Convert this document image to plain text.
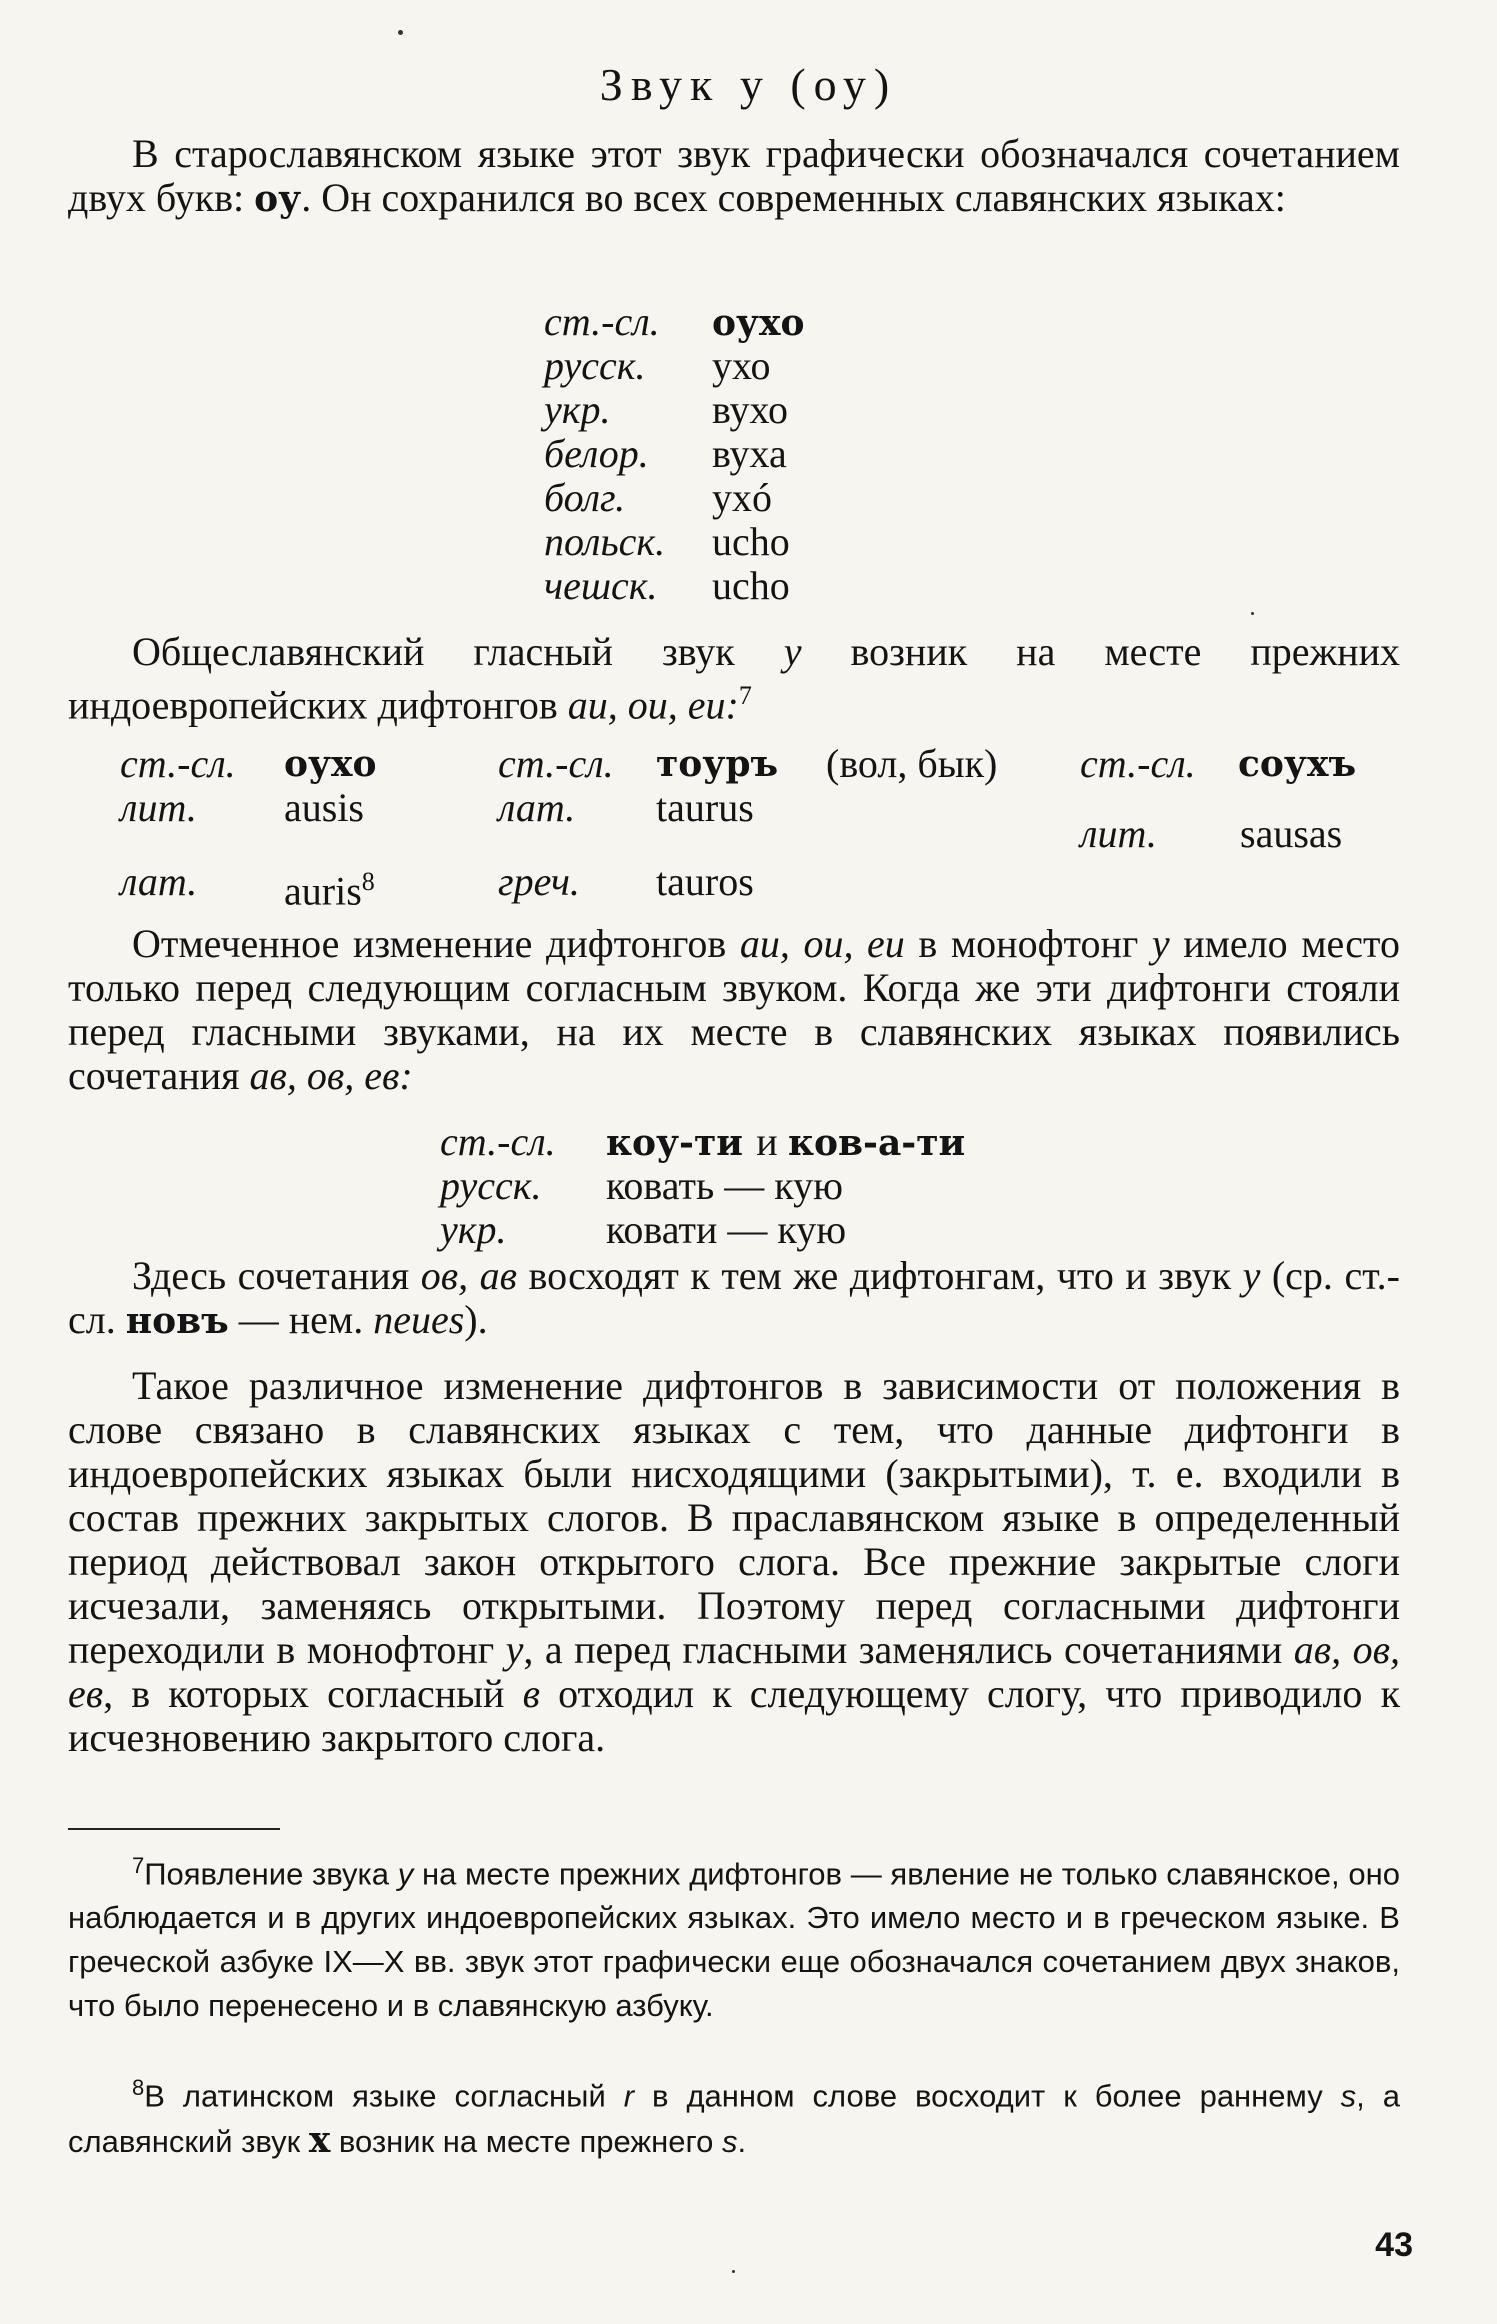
Звук у (оу)
В старославянском языке этот звук графически обозначался сочетанием двух букв: оу. Он сохранился во всех современных славянских языках:
ст.-сл. оухо
русск. ухо
укр.	вухо
белор. вуха
болг. ухó
польск. ucho
чешск. ucho
Общеславянский гласный звук у возник на месте прежних индоевропейских дифтонгов au, ou, eu:$^7$
ст.-сл. оухо
лит. ausis
лат. auris$^8$
ст.-сл. тоуръ (вол, бык)
лат. taurus
греч. tauros
ст.-сл. соухъ
лит. sausas
Отмеченное изменение дифтонгов au, ou, eu в монофтонг у имело место только перед следующим согласным звуком. Когда же эти дифтонги стояли перед гласными звуками, на их месте в славянских языках появились сочетания ав, ов, ев:
ст.-сл. коу-ти и ков-а-ти
русск. ковать — кую
укр. ковати — кую
Здесь сочетания ов, ав восходят к тем же дифтонгам, что и звук у (ср. ст.-сл. новъ — нем. neues).
Такое различное изменение дифтонгов в зависимости от положения в слове связано в славянских языках с тем, что данные дифтонги в индоевропейских языках были нисходящими (закрытыми), т. е. входили в состав прежних закрытых слогов. В праславянском языке в определенный период действовал закон открытого слога. Все прежние закрытые слоги исчезали, заменяясь открытыми. Поэтому перед согласными дифтонги переходили в монофтонг у, а перед гласными заменялись сочетаниями ав, ов, ев, в которых согласный в отходил к следующему слогу, что приводило к исчезновению закрытого слога.
$^7$Появление звука у на месте прежних дифтонгов — явление не только славянское, оно наблюдается и в других индоевропейских языках. Это имело место и в греческом языке. В греческой азбуке IX—X вв. звук этот графически еще обозначался сочетанием двух знаков, что было перенесено и в славянскую азбуку.
$^8$В латинском языке согласный r в данном слове восходит к более раннему s, а славянский звук х возник на месте прежнего s.
43
